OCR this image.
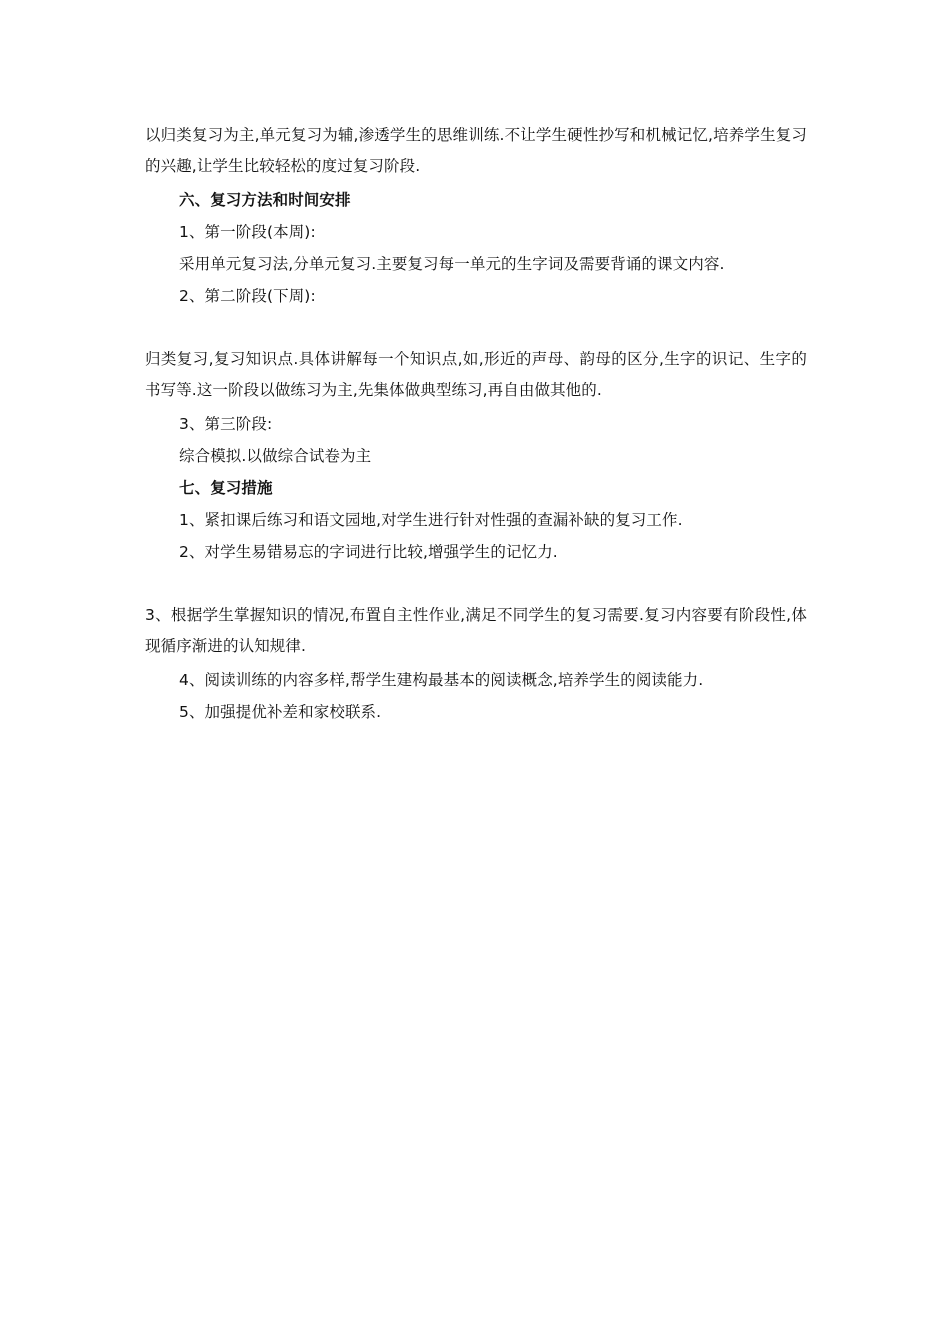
以归类复习为主,单元复习为辅,渗透学生的思维训练.不让学生硬性抄写和机械记忆,培养学生复习的兴趣,让学生比较轻松的度过复习阶段.
六、复习方法和时间安排
1、第一阶段(本周):
采用单元复习法,分单元复习.主要复习每一单元的生字词及需要背诵的课文内容.
2、第二阶段(下周):
归类复习,复习知识点.具体讲解每一个知识点,如,形近的声母、韵母的区分,生字的识记、生字的书写等.这一阶段以做练习为主,先集体做典型练习,再自由做其他的.
3、第三阶段:
综合模拟.以做综合试卷为主
七、复习措施
1、紧扣课后练习和语文园地,对学生进行针对性强的查漏补缺的复习工作.
2、对学生易错易忘的字词进行比较,增强学生的记忆力.
3、根据学生掌握知识的情况,布置自主性作业,满足不同学生的复习需要.复习内容要有阶段性,体现循序渐进的认知规律.
4、阅读训练的内容多样,帮学生建构最基本的阅读概念,培养学生的阅读能力.
5、加强提优补差和家校联系.
